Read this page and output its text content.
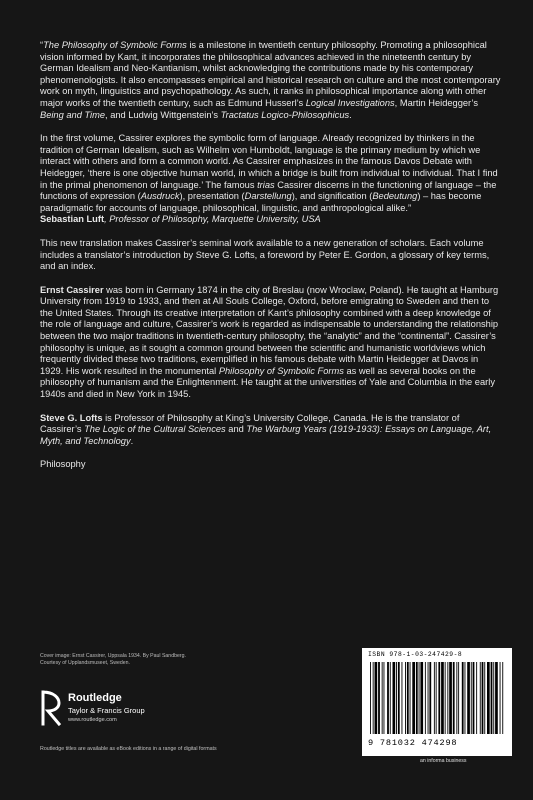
“The Philosophy of Symbolic Forms is a milestone in twentieth century philosophy. Promoting a philosophical vision informed by Kant, it incorporates the philosophical advances achieved in the nineteenth century by German Idealism and Neo-Kantianism, whilst acknowledging the contributions made by his contemporary phenomenologists. It also encompasses empirical and historical research on culture and the most contemporary work on myth, linguistics and psychopathology. As such, it ranks in philosophical importance along with other major works of the twentieth century, such as Edmund Husserl’s Logical Investigations, Martin Heidegger’s Being and Time, and Ludwig Wittgenstein’s Tractatus Logico-Philosophicus.

In the first volume, Cassirer explores the symbolic form of language. Already recognized by thinkers in the tradition of German Idealism, such as Wilhelm von Humboldt, language is the primary medium by which we interact with others and form a common world. As Cassirer emphasizes in the famous Davos Debate with Heidegger, ‘there is one objective human world, in which a bridge is built from individual to individual. That I find in the primal phenomenon of language.’ The famous trias Cassirer discerns in the functioning of language – the functions of expression (Ausdruck), presentation (Darstellung), and signification (Bedeutung) – has become paradigmatic for accounts of language, philosophical, linguistic, and anthropological alike.”

Sebastian Luft, Professor of Philosophy, Marquette University, USA

This new translation makes Cassirer’s seminal work available to a new generation of scholars. Each volume includes a translator’s introduction by Steve G. Lofts, a foreword by Peter E. Gordon, a glossary of key terms, and an index.

Ernst Cassirer was born in Germany 1874 in the city of Breslau (now Wroclaw, Poland). He taught at Hamburg University from 1919 to 1933, and then at All Souls College, Oxford, before emigrating to Sweden and then to the United States. Through its creative interpretation of Kant’s philosophy combined with a deep knowledge of the role of language and culture, Cassirer’s work is regarded as indispensable to understanding the relationship between the two major traditions in twentieth-century philosophy, the “analytic” and the “continental”. Cassirer’s philosophy is unique, as it sought a common ground between the scientific and humanistic worldviews which frequently divided these two traditions, exemplified in his famous debate with Martin Heidegger at Davos in 1929. His work resulted in the monumental Philosophy of Symbolic Forms as well as several books on the philosophy of humanism and the Enlightenment. He taught at the universities of Yale and Columbia in the early 1940s and died in New York in 1945.

Steve G. Lofts is Professor of Philosophy at King’s University College, Canada. He is the translator of Cassirer’s The Logic of the Cultural Sciences and The Warburg Years (1919-1933): Essays on Language, Art, Myth, and Technology.

Philosophy
Cover image: Ernst Cassirer, Uppsala 1934. By Paul Sandberg.
Courtesy of Upplandsmuseet, Sweden.
Routledge
Taylor & Francis Group
www.routledge.com
Routledge titles are available as eBook editions in a range of digital formats
ISBN 978-1-03-247429-8
9 781032 474298
an informa business
